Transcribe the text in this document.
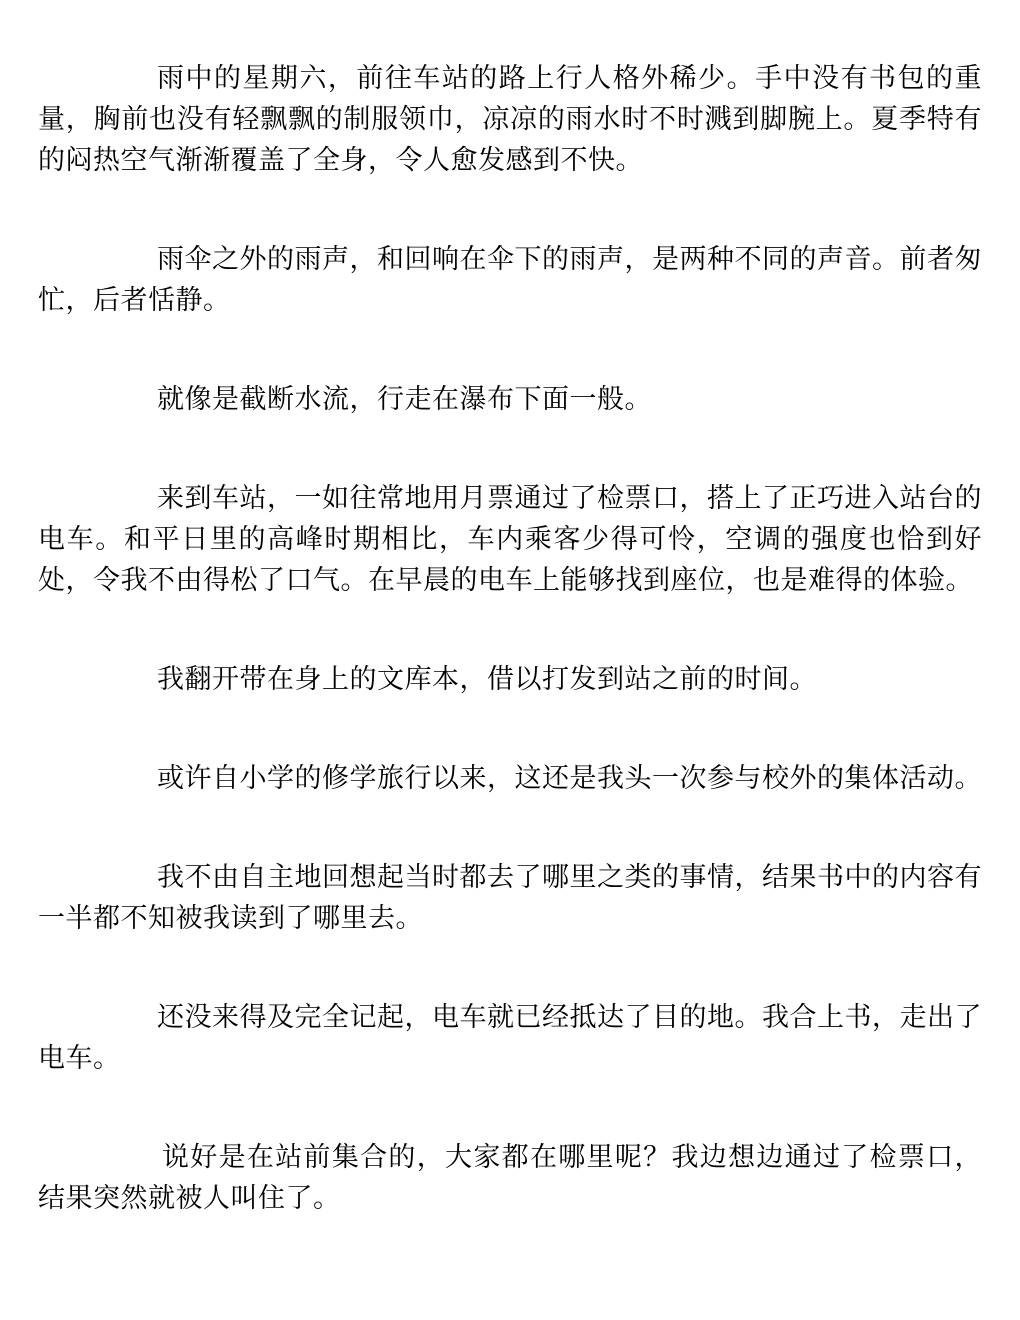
雨中的星期六，前往车站的路上行人格外稀少。手中没有书包的重量，胸前也没有轻飘飘的制服领巾，凉凉的雨水时不时溅到脚腕上。夏季特有的闷热空气渐渐覆盖了全身，令人愈发感到不快。

雨伞之外的雨声，和回响在伞下的雨声，是两种不同的声音。前者匆忙，后者恬静。

就像是截断水流，行走在瀑布下面一般。

来到车站，一如往常地用月票通过了检票口，搭上了正巧进入站台的电车。和平日里的高峰时期相比，车内乘客少得可怜，空调的强度也恰到好处，令我不由得松了口气。在早晨的电车上能够找到座位，也是难得的体验。

我翻开带在身上的文库本，借以打发到站之前的时间。

或许自小学的修学旅行以来，这还是我头一次参与校外的集体活动。

我不由自主地回想起当时都去了哪里之类的事情，结果书中的内容有一半都不知被我读到了哪里去。

还没来得及完全记起，电车就已经抵达了目的地。我合上书，走出了电车。

说好是在站前集合的，大家都在哪里呢？我边想边通过了检票口，结果突然就被人叫住了。
